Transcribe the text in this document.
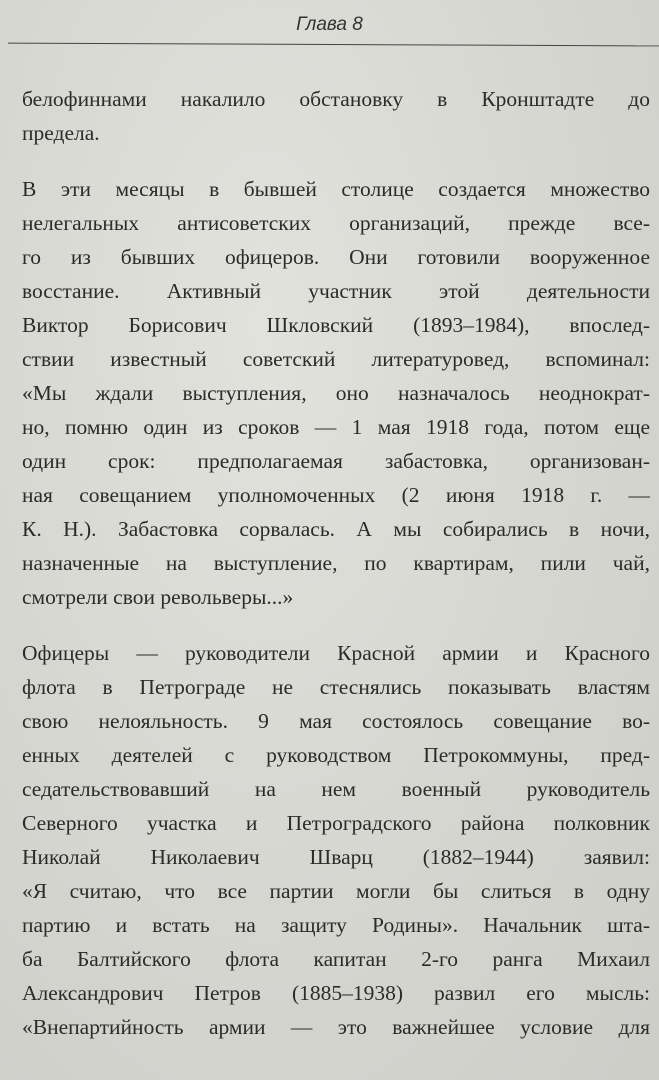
Глава 8
белофиннами накалило обстановку в Кронштадте до
предела.
В эти месяцы в бывшей столице создается множество
нелегальных антисоветских организаций, прежде все-
го из бывших офицеров. Они готовили вооруженное
восстание. Активный участник этой деятельности
Виктор Борисович Шкловский (1893–1984), впослед-
ствии известный советский литературовед, вспоминал:
«Мы ждали выступления, оно назначалось неоднократ-
но, помню один из сроков — 1 мая 1918 года, потом еще
один срок: предполагаемая забастовка, организован-
ная совещанием уполномоченных (2 июня 1918 г. —
К. Н.). Забастовка сорвалась. А мы собирались в ночи,
назначенные на выступление, по квартирам, пили чай,
смотрели свои револьверы...»
Офицеры — руководители Красной армии и Красного
флота в Петрограде не стеснялись показывать властям
свою нелояльность. 9 мая состоялось совещание во-
енных деятелей с руководством Петрокоммуны, пред-
седательствовавший на нем военный руководитель
Северного участка и Петроградского района полковник
Николай Николаевич Шварц (1882–1944) заявил:
«Я считаю, что все партии могли бы слиться в одну
партию и встать на защиту Родины». Начальник шта-
ба Балтийского флота капитан 2-го ранга Михаил
Александрович Петров (1885–1938) развил его мысль:
«Внепартийность армии — это важнейшее условие для
